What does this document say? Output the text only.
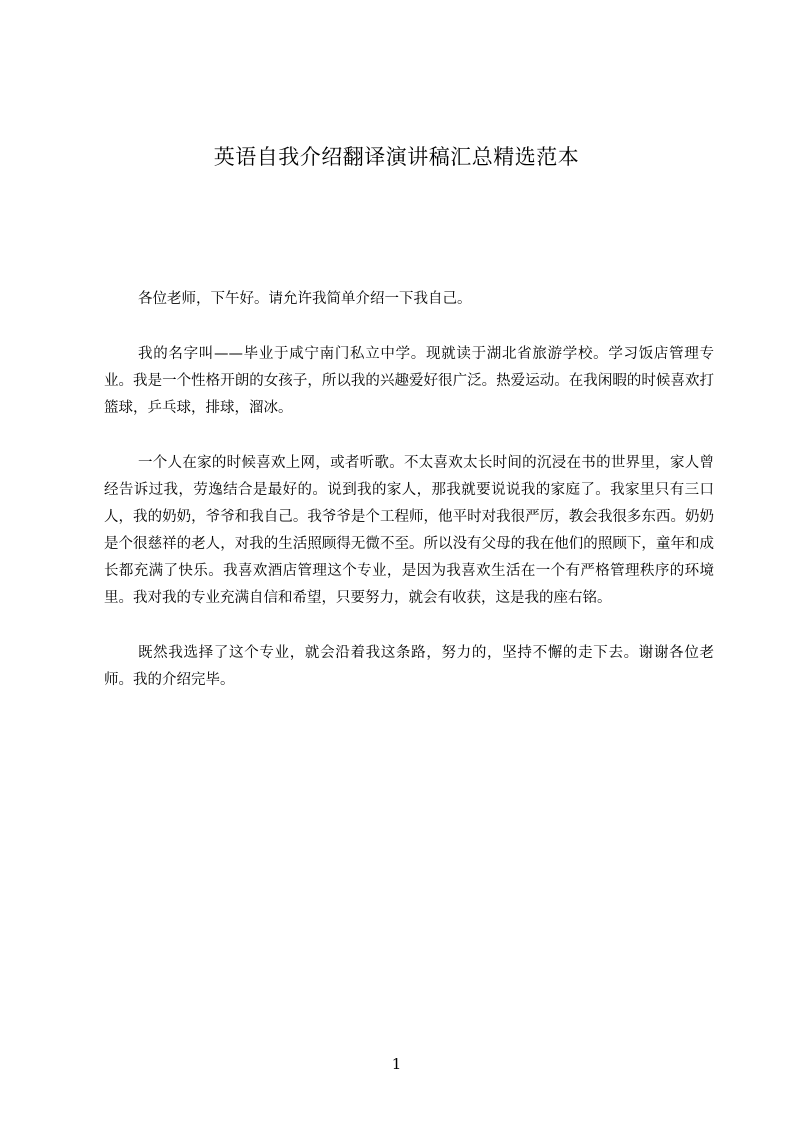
英语自我介绍翻译演讲稿汇总精选范本

各位老师，下午好。请允许我简单介绍一下我自己。

我的名字叫——毕业于咸宁南门私立中学。现就读于湖北省旅游学校。学习饭店管理专业。我是一个性格开朗的女孩子，所以我的兴趣爱好很广泛。热爱运动。在我闲暇的时候喜欢打篮球，乒乓球，排球，溜冰。

一个人在家的时候喜欢上网，或者听歌。不太喜欢太长时间的沉浸在书的世界里，家人曾经告诉过我，劳逸结合是最好的。说到我的家人，那我就要说说我的家庭了。我家里只有三口人，我的奶奶，爷爷和我自己。我爷爷是个工程师，他平时对我很严厉，教会我很多东西。奶奶是个很慈祥的老人，对我的生活照顾得无微不至。所以没有父母的我在他们的照顾下，童年和成长都充满了快乐。我喜欢酒店管理这个专业，是因为我喜欢生活在一个有严格管理秩序的环境里。我对我的专业充满自信和希望，只要努力，就会有收获，这是我的座右铭。

既然我选择了这个专业，就会沿着我这条路，努力的，坚持不懈的走下去。谢谢各位老师。我的介绍完毕。

1
